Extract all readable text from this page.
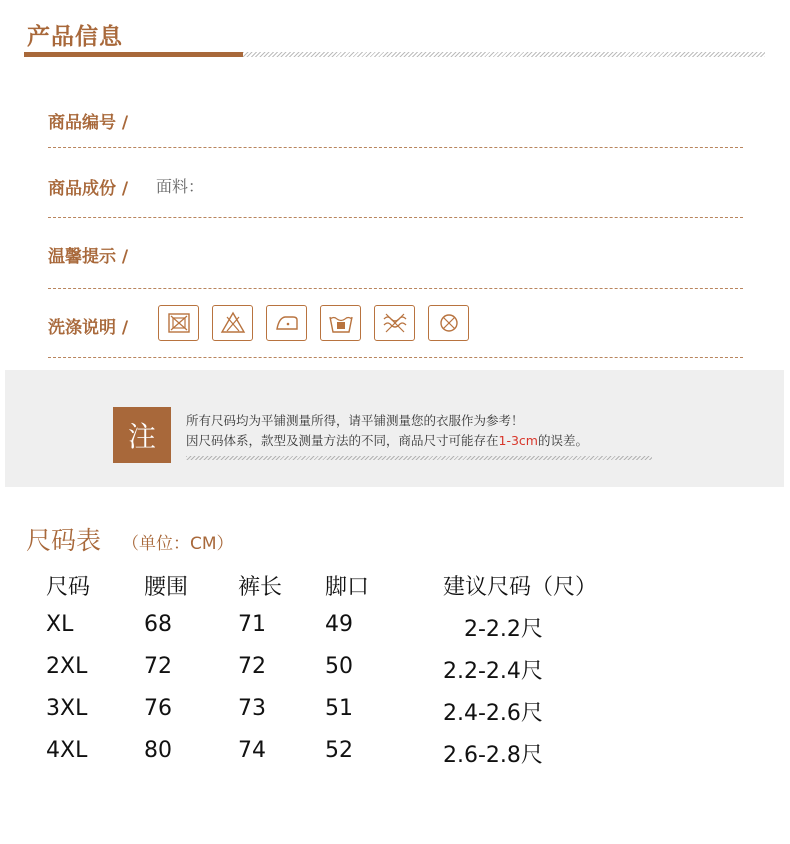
产品信息
商品编号 /
商品成份 / 面料：
温馨提示 /
洗涤说明 /
注	所有尺码均为平铺测量所得，请平铺测量您的衣服作为参考！
因尺码体系，款型及测量方法的不同，商品尺寸可能存在1-3cm的误差。
尺码表 （单位：CM）
尺码 腰围 裤长 脚口	建议尺码（尺）
XL	68	71	49	2-2.2尺
2XL	72	72	50	2.2-2.4尺
3XL	76	73	51	2.4-2.6尺
4XL	80	74	52	2.6-2.8尺
